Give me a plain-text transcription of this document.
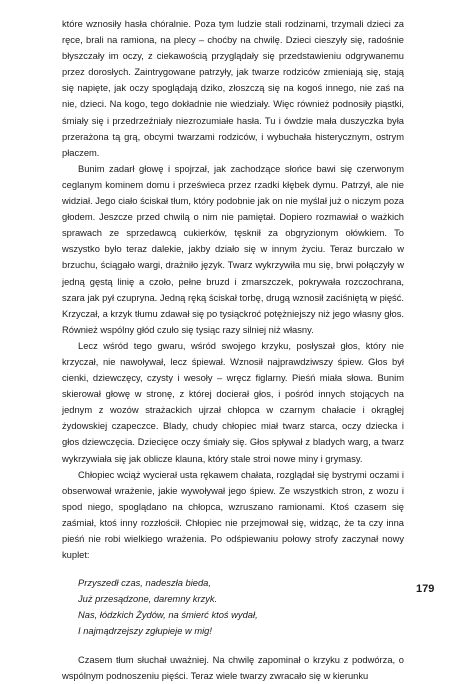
które wznosiły hasła chóralnie. Poza tym ludzie stali rodzinami, trzymali dzieci za ręce, brali na ramiona, na plecy – choćby na chwilę. Dzieci cieszyły się, radośnie błyszczały im oczy, z ciekawością przyglądały się przedstawieniu odgrywanemu przez dorosłych. Zaintrygowane patrzyły, jak twarze rodziców zmieniają się, stają się napięte, jak oczy spoglądają dziko, złoszczą się na kogoś innego, nie zaś na nie, dzieci. Na kogo, tego dokładnie nie wiedziały. Więc również podnosiły piąstki, śmiały się i przedrzeźniały niezrozumiałe hasła. Tu i ówdzie mała duszyczka była przerażona tą grą, obcymi twarzami rodziców, i wybuchała histerycznym, ostrym płaczem.

Bunim zadarł głowę i spojrzał, jak zachodzące słońce bawi się czerwonym ceglanym kominem domu i prześwieca przez rzadki kłębek dymu. Patrzył, ale nie widział. Jego ciało ściskał tłum, który podobnie jak on nie myślał już o niczym poza głodem. Jeszcze przed chwilą o nim nie pamiętał. Dopiero rozmawiał o ważkich sprawach ze sprzedawcą cukierków, tęsknił za obgryzionym ołówkiem. To wszystko było teraz dalekie, jakby działo się w innym życiu. Teraz burczało w brzuchu, ściągało wargi, drażniło język. Twarz wykrzywiła mu się, brwi połączyły w jedną gęstą linię a czoło, pełne bruzd i zmarszczek, pokrywała rozczochrana, szara jak pył czupryna. Jedną ręką ściskał torbę, drugą wznosił zaciśniętą w pięść. Krzyczał, a krzyk tłumu zdawał się po tysiąckroć potężniejszy niż jego własny głos. Również wspólny głód czuło się tysiąc razy silniej niż własny.

Lecz wśród tego gwaru, wśród swojego krzyku, posłyszał głos, który nie krzyczał, nie nawoływał, lecz śpiewał. Wznosił najprawdziwszy śpiew. Głos był cienki, dziewczęcy, czysty i wesoły – wręcz figlarny. Pieśń miała słowa. Bunim skierował głowę w stronę, z której docierał głos, i pośród innych stojących na jednym z wozów strażackich ujrzał chłopca w czarnym chałacie i okrągłej żydowskiej czapeczce. Blady, chudy chłopiec miał twarz starca, oczy dziecka i głos dziewczęcia. Dziecięce oczy śmiały się. Głos spływał z bladych warg, a twarz wykrzywiała się jak oblicze klauna, który stale stroi nowe miny i grymasy.

Chłopiec wciąż wycierał usta rękawem chałata, rozglądał się bystrymi oczami i obserwował wrażenie, jakie wywoływał jego śpiew. Ze wszystkich stron, z wozu i spod niego, spoglądano na chłopca, wzruszano ramionami. Ktoś czasem się zaśmiał, ktoś inny rozzłościł. Chłopiec nie przejmował się, widząc, że ta czy inna pieśń nie robi wielkiego wrażenia. Po odśpiewaniu połowy strofy zaczynał nowy kuplet:

Przyszedł czas, nadeszła bieda,
Już przesądzone, daremny krzyk.
Nas, łódzkich Żydów, na śmierć ktoś wydał,
I najmądrzejszy zgłupieje w mig!

Czasem tłum słuchał uważniej. Na chwilę zapominał o krzyku z podwórza, o wspólnym podnoszeniu pięści. Teraz wiele twarzy zwracało się w kierunku

179
